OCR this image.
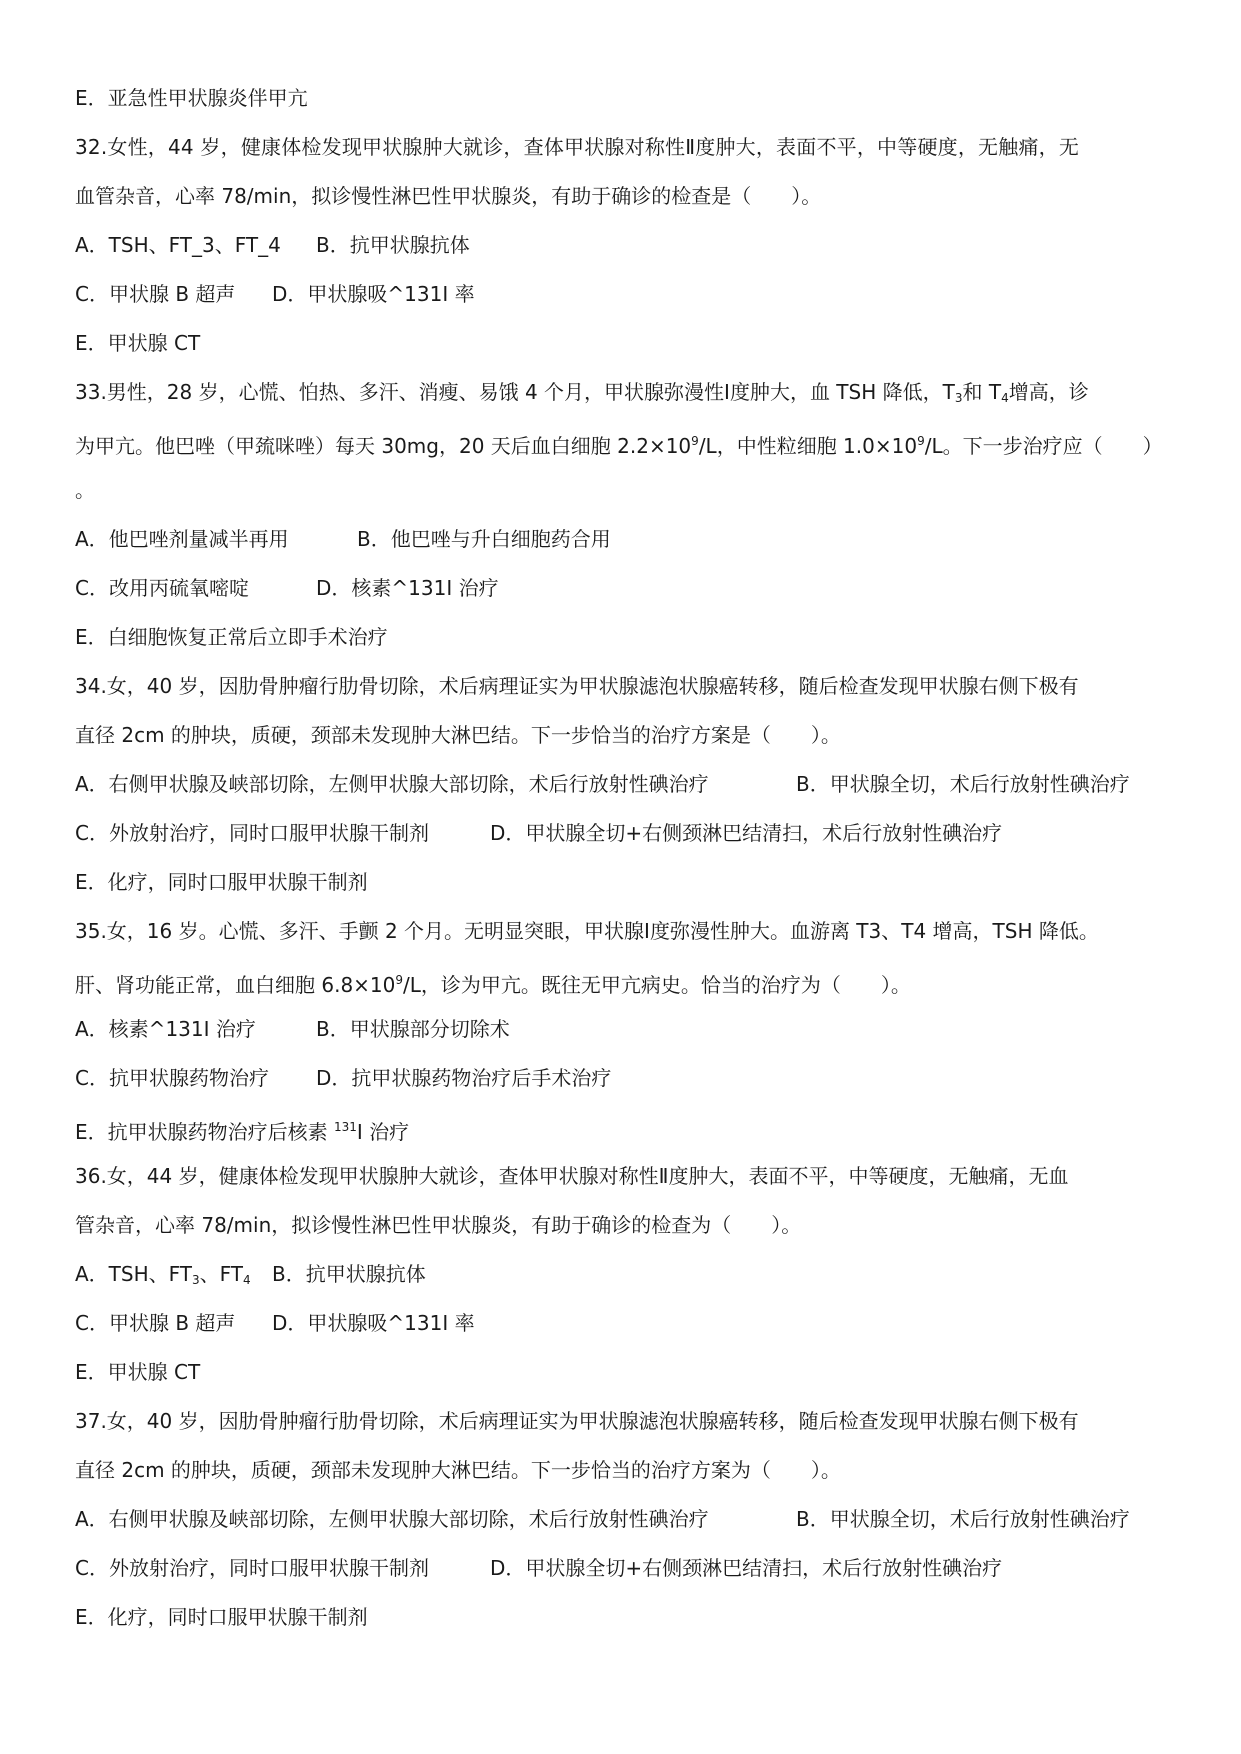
E．亚急性甲状腺炎伴甲亢
32.女性，44 岁，健康体检发现甲状腺肿大就诊，查体甲状腺对称性Ⅱ度肿大，表面不平，中等硬度，无触痛，无
血管杂音，心率 78/min，拟诊慢性淋巴性甲状腺炎，有助于确诊的检查是（　　）。
A．TSH、FT_3、FT_4 B．抗甲状腺抗体
C．甲状腺 B 超声 D．甲状腺吸^131I 率
E．甲状腺 CT
33.男性，28 岁，心慌、怕热、多汗、消瘦、易饿 4 个月，甲状腺弥漫性Ⅰ度肿大，血 TSH 降低，$T_3$和 $T_4$增高，诊
为甲亢。他巴唑（甲巯咪唑）每天 30mg，20 天后血白细胞 $2.2\times 10^9/L$，中性粒细胞 $1.0\times 10^9/L$。下一步治疗应（　　）
。
A．他巴唑剂量减半再用	B．他巴唑与升白细胞药合用
C．改用丙硫氧嘧啶	D．核素^131I 治疗
E．白细胞恢复正常后立即手术治疗
34.女，40 岁，因肋骨肿瘤行肋骨切除，术后病理证实为甲状腺滤泡状腺癌转移，随后检查发现甲状腺右侧下极有
直径 2cm 的肿块，质硬，颈部未发现肿大淋巴结。下一步恰当的治疗方案是（　　）。
A．右侧甲状腺及峡部切除，左侧甲状腺大部切除，术后行放射性碘治疗	B．甲状腺全切，术后行放射性碘治疗
C．外放射治疗，同时口服甲状腺干制剂	D．甲状腺全切+右侧颈淋巴结清扫，术后行放射性碘治疗
E．化疗，同时口服甲状腺干制剂
35.女，16 岁。心慌、多汗、手颤 2 个月。无明显突眼，甲状腺Ⅰ度弥漫性肿大。血游离 T3、T4 增高，TSH 降低。
肝、肾功能正常，血白细胞 $6.8\times 10^9/L$，诊为甲亢。既往无甲亢病史。恰当的治疗为（　　）。
A．核素^131I 治疗	B．甲状腺部分切除术
C．抗甲状腺药物治疗 D．抗甲状腺药物治疗后手术治疗
E．抗甲状腺药物治疗后核素 $^{131}$I 治疗
36.女，44 岁，健康体检发现甲状腺肿大就诊，查体甲状腺对称性Ⅱ度肿大，表面不平，中等硬度，无触痛，无血
管杂音，心率 78/min，拟诊慢性淋巴性甲状腺炎，有助于确诊的检查为（　　）。
A．TSH、$FT_3$、$FT_4$ B．抗甲状腺抗体
C．甲状腺 B 超声 D．甲状腺吸^131I 率
E．甲状腺 CT
37.女，40 岁，因肋骨肿瘤行肋骨切除，术后病理证实为甲状腺滤泡状腺癌转移，随后检查发现甲状腺右侧下极有
直径 2cm 的肿块，质硬，颈部未发现肿大淋巴结。下一步恰当的治疗方案为（　　）。
A．右侧甲状腺及峡部切除，左侧甲状腺大部切除，术后行放射性碘治疗	B．甲状腺全切，术后行放射性碘治疗
C．外放射治疗，同时口服甲状腺干制剂	D．甲状腺全切+右侧颈淋巴结清扫，术后行放射性碘治疗
E．化疗，同时口服甲状腺干制剂
